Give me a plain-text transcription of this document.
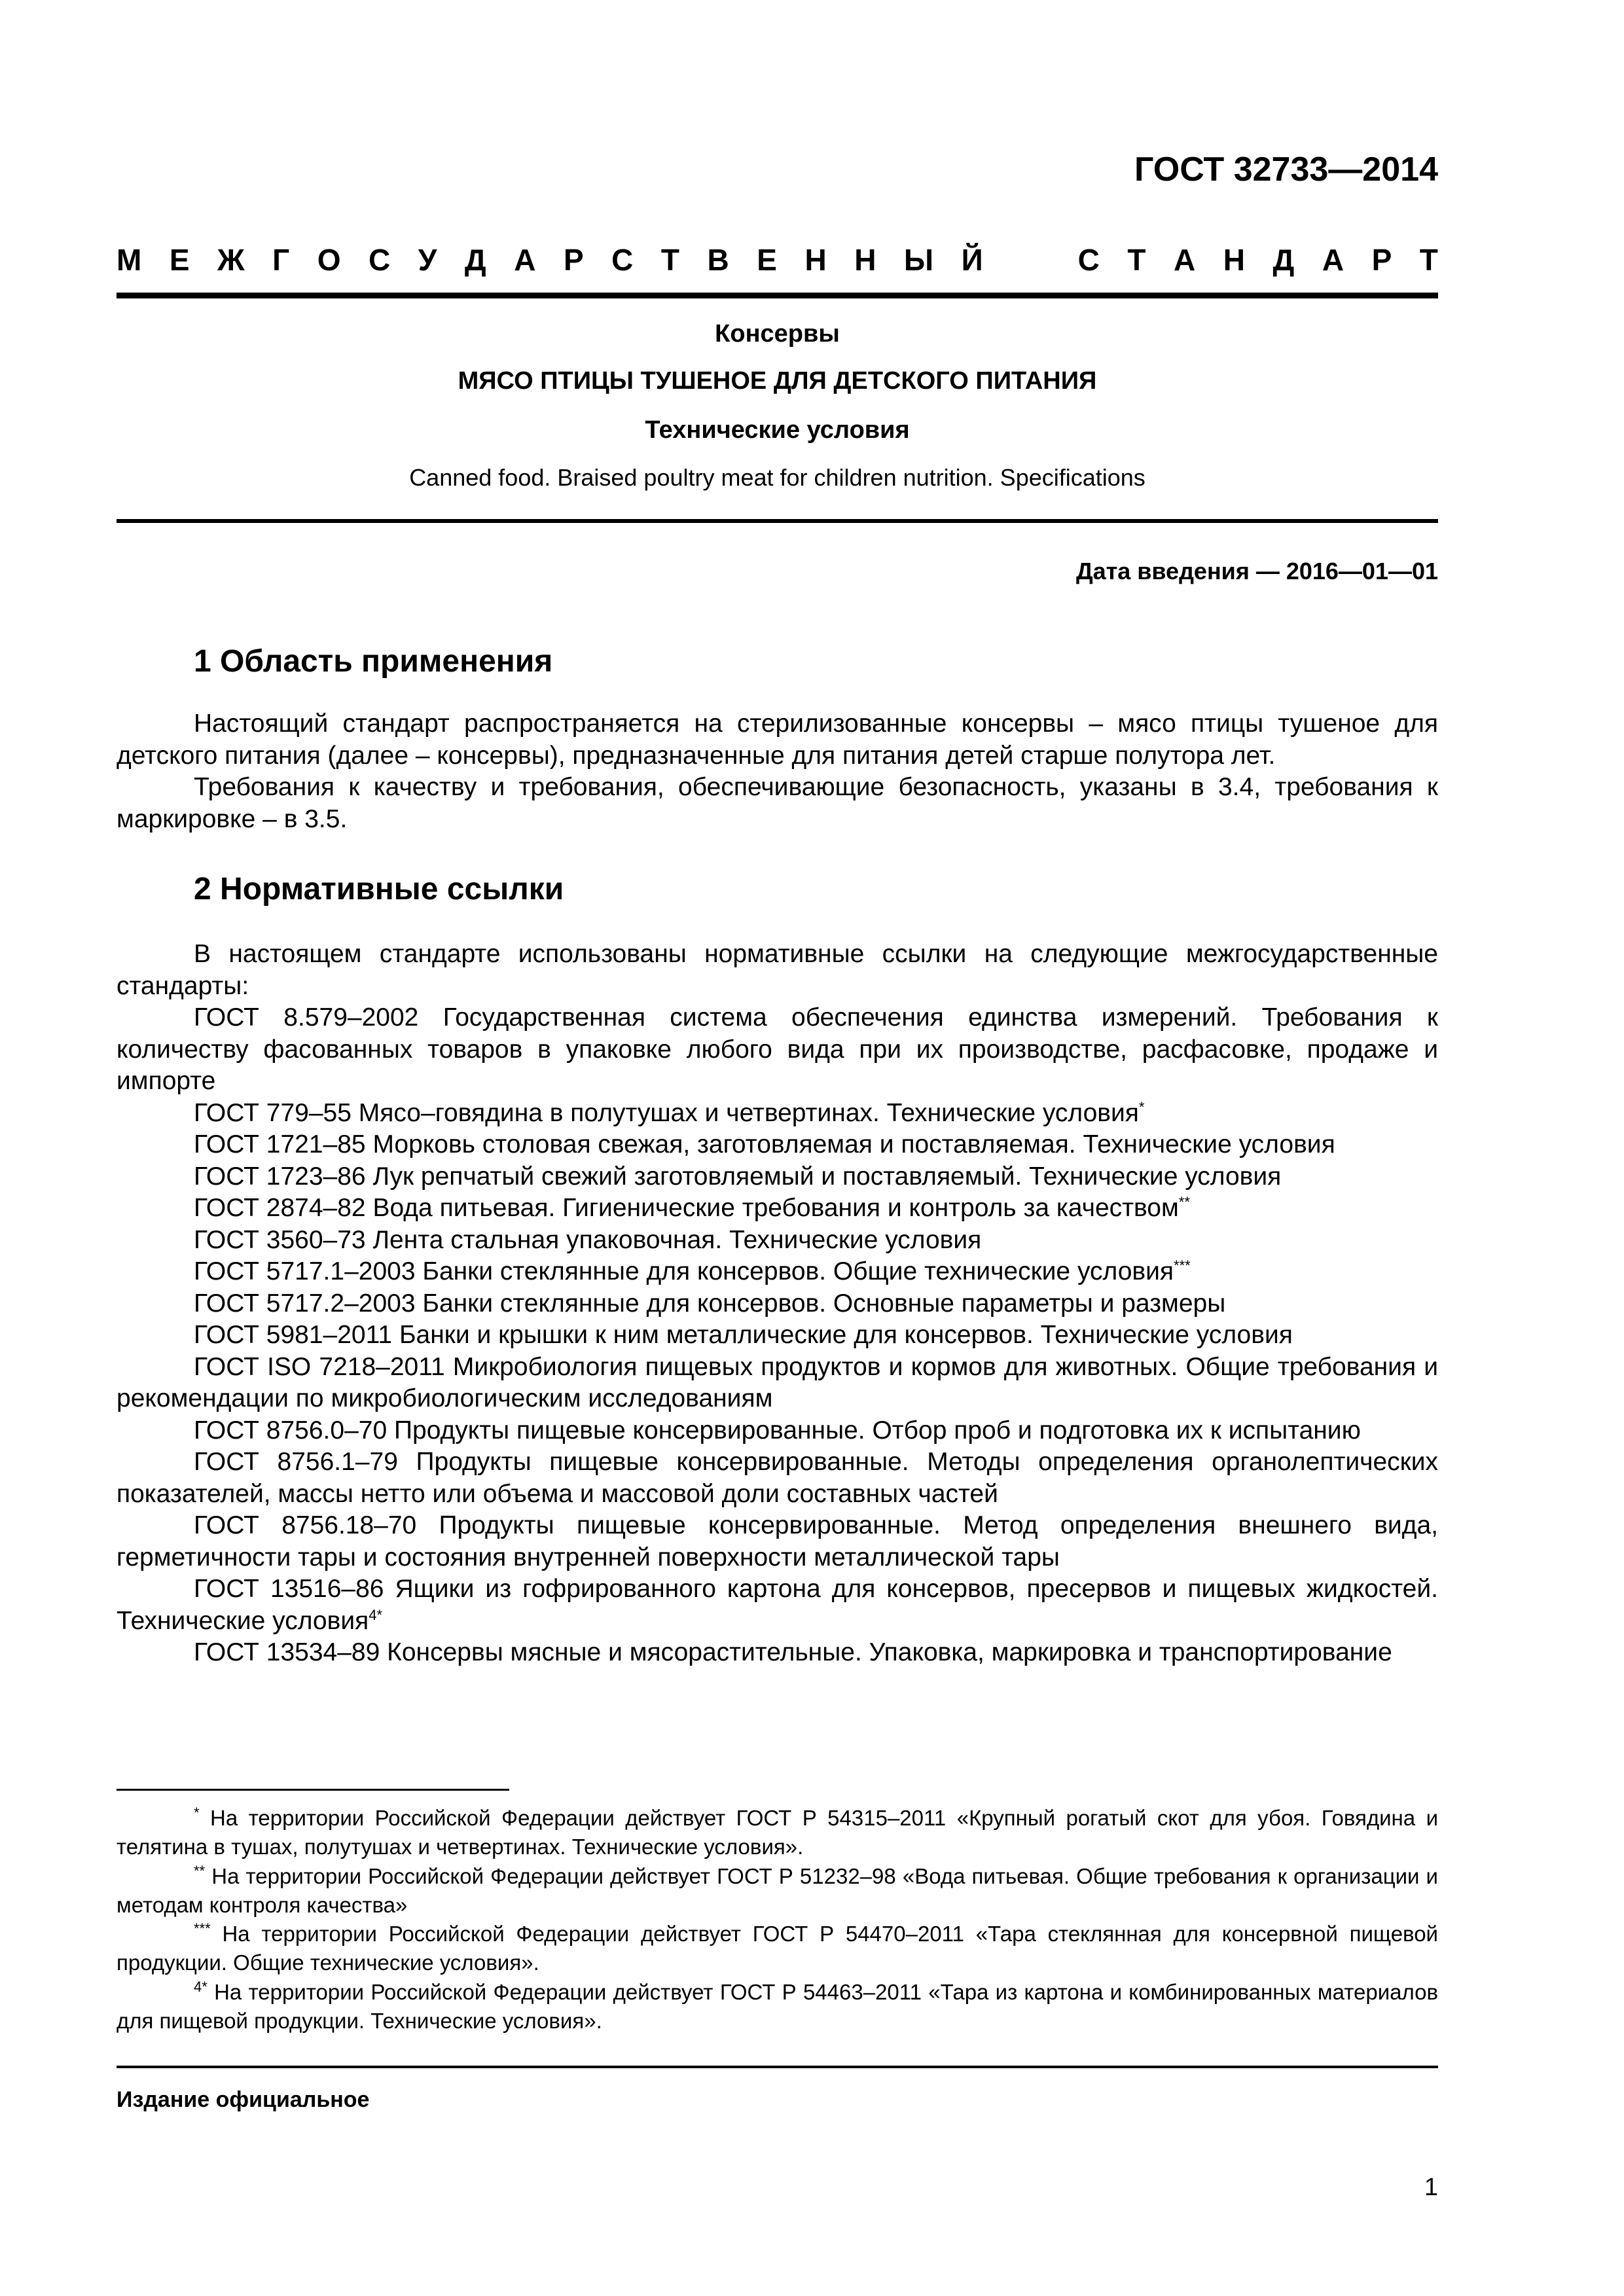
ГОСТ 32733—2014
М Е Ж Г О С У Д А Р С Т В Е Н Н Ы Й	С Т А Н Д А Р Т
Консервы
МЯСО ПТИЦЫ ТУШЕНОЕ ДЛЯ ДЕТСКОГО ПИТАНИЯ
Технические условия
Canned food. Braised poultry meat for children nutrition. Specifications
Дата введения — 2016—01—01
1 Область применения

Настоящий стандарт распространяется на стерилизованные консервы – мясо птицы тушеное для детского питания (далее – консервы), предназначенные для питания детей старше полутора лет.

Требования к качеству и требования, обеспечивающие безопасность, указаны в 3.4, требования к маркировке – в 3.5.

2 Нормативные ссылки

В настоящем стандарте использованы нормативные ссылки на следующие межгосударственные стандарты:

ГОСТ 8.579–2002 Государственная система обеспечения единства измерений. Требования к количеству фасованных товаров в упаковке любого вида при их производстве, расфасовке, продаже и импорте

ГОСТ 779–55 Мясо–говядина в полутушах и четвертинах. Технические условия*

ГОСТ 1721–85 Морковь столовая свежая, заготовляемая и поставляемая. Технические условия

ГОСТ 1723–86 Лук репчатый свежий заготовляемый и поставляемый. Технические условия

ГОСТ 2874–82 Вода питьевая. Гигиенические требования и контроль за качеством**

ГОСТ 3560–73 Лента стальная упаковочная. Технические условия

ГОСТ 5717.1–2003 Банки стеклянные для консервов. Общие технические условия***

ГОСТ 5717.2–2003 Банки стеклянные для консервов. Основные параметры и размеры

ГОСТ 5981–2011 Банки и крышки к ним металлические для консервов. Технические условия

ГОСТ ISO 7218–2011 Микробиология пищевых продуктов и кормов для животных. Общие требования и рекомендации по микробиологическим исследованиям

ГОСТ 8756.0–70 Продукты пищевые консервированные. Отбор проб и подготовка их к испытанию

ГОСТ 8756.1–79 Продукты пищевые консервированные. Методы определения органолептических показателей, массы нетто или объема и массовой доли составных частей

ГОСТ 8756.18–70 Продукты пищевые консервированные. Метод определения внешнего вида, герметичности тары и состояния внутренней поверхности металлической тары

ГОСТ 13516–86 Ящики из гофрированного картона для консервов, пресервов и пищевых жидкостей. Технические условия$^{4*}$

ГОСТ 13534–89 Консервы мясные и мясорастительные. Упаковка, маркировка и транспортирование

* На территории Российской Федерации действует ГОСТ Р 54315–2011 «Крупный рогатый скот для убоя. Говядина и телятина в тушах, полутушах и четвертинах. Технические условия».

** На территории Российской Федерации действует ГОСТ Р 51232–98 «Вода питьевая. Общие требования к организации и методам контроля качества»

*** На территории Российской Федерации действует ГОСТ Р 54470–2011 «Тара стеклянная для консервной пищевой продукции. Общие технические условия».

$^{4*}$ На территории Российской Федерации действует ГОСТ Р 54463–2011 «Тара из картона и комбинированных материалов для пищевой продукции. Технические условия».

Издание официальное
1
